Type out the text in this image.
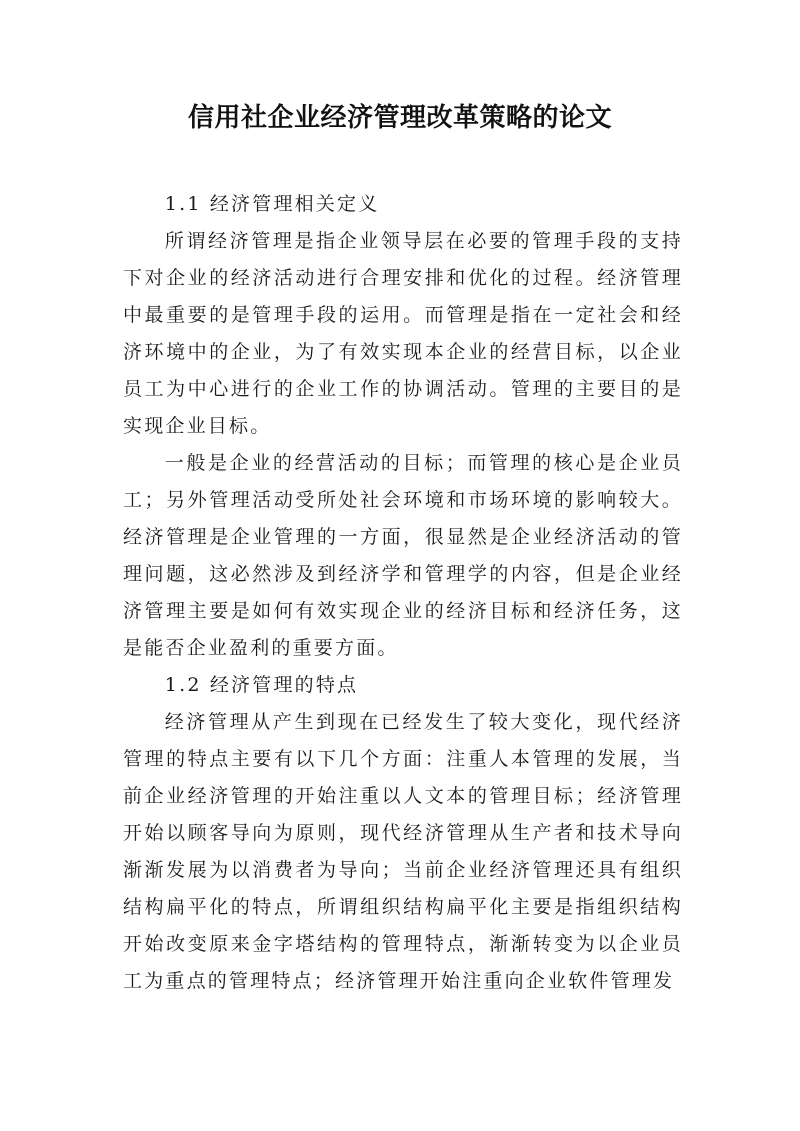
信用社企业经济管理改革策略的论文

1.1 经济管理相关定义

所谓经济管理是指企业领导层在必要的管理手段的支持下对企业的经济活动进行合理安排和优化的过程。经济管理中最重要的是管理手段的运用。而管理是指在一定社会和经济环境中的企业，为了有效实现本企业的经营目标，以企业员工为中心进行的企业工作的协调活动。管理的主要目的是实现企业目标。

一般是企业的经营活动的目标；而管理的核心是企业员工；另外管理活动受所处社会环境和市场环境的影响较大。经济管理是企业管理的一方面，很显然是企业经济活动的管理问题，这必然涉及到经济学和管理学的内容，但是企业经济管理主要是如何有效实现企业的经济目标和经济任务，这是能否企业盈利的重要方面。

1.2 经济管理的特点

经济管理从产生到现在已经发生了较大变化，现代经济管理的特点主要有以下几个方面：注重人本管理的发展，当前企业经济管理的开始注重以人文本的管理目标；经济管理开始以顾客导向为原则，现代经济管理从生产者和技术导向渐渐发展为以消费者为导向；当前企业经济管理还具有组织结构扁平化的特点，所谓组织结构扁平化主要是指组织结构开始改变原来金字塔结构的管理特点，渐渐转变为以企业员工为重点的管理特点；经济管理开始注重向企业软件管理发
